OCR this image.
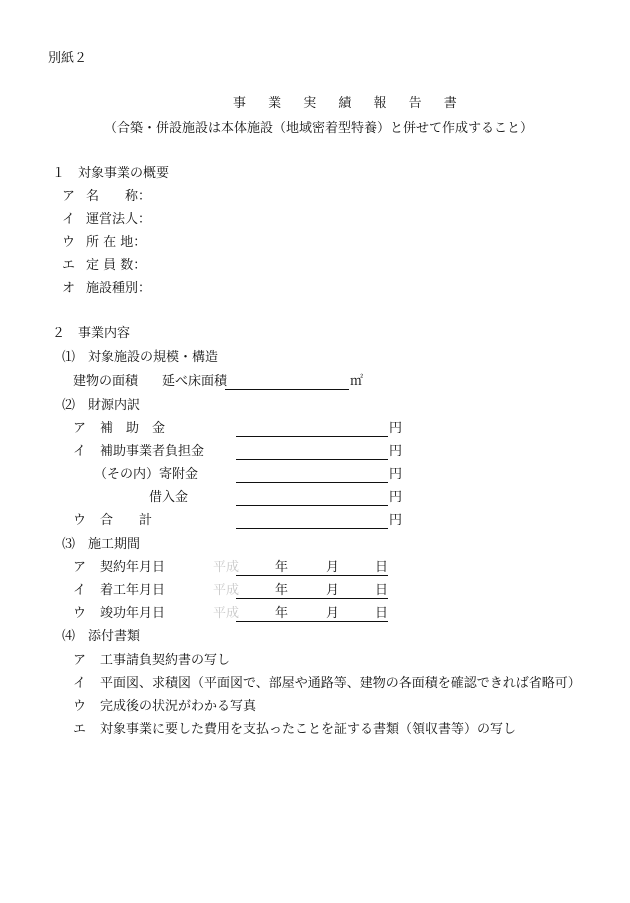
別紙２
事 業 実 績 報 告 書
（合築・併設施設は本体施設（地域密着型特養）と併せて作成すること）
１　対象事業の概要
ア 名　　称：
イ 運営法人：
ウ 所 在 地：
エ 定 員 数：
オ 施設種別：
２　事業内容
⑴　対象施設の規模・構造
建物の面積 延べ床面積	㎡
⑵　財源内訳
ア 補　助　金	円
イ 補助事業者負担金	円
（その内）寄附金	円
借入金	円
ウ 合　　計	円
⑶　施工期間
ア 契約年月日	平成	年	月	日
イ 着工年月日	平成	年	月	日
ウ 竣功年月日	平成	年	月	日
⑷　添付書類
ア 工事請負契約書の写し
イ 平面図、求積図（平面図で、部屋や通路等、建物の各面積を確認できれば省略可）
ウ 完成後の状況がわかる写真
エ 対象事業に要した費用を支払ったことを証する書類（領収書等）の写し
